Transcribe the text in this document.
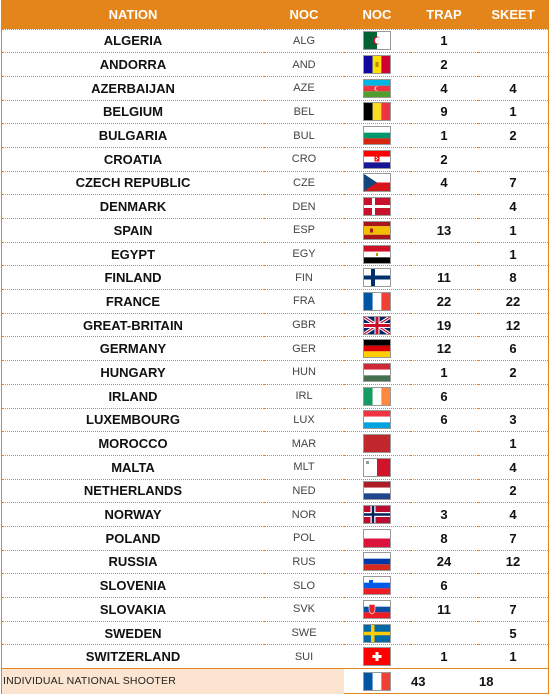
NATION	NOC	NOC	TRAP	SKEET
ALGERIA	ALG		1	
ANDORRA	AND		2	
AZERBAIJAN	AZE		4	4
BELGIUM	BEL		9	1
BULGARIA	BUL		1	2
CROATIA	CRO		2	
CZECH REPUBLIC	CZE		4	7
DENMARK	DEN			4
SPAIN	ESP		13	1
EGYPT	EGY			1
FINLAND	FIN		11	8
FRANCE	FRA		22	22
GREAT-BRITAIN	GBR		19	12
GERMANY	GER		12	6
HUNGARY	HUN		1	2
IRLAND	IRL		6	
LUXEMBOURG	LUX		6	3
MOROCCO	MAR			1
MALTA	MLT			4
NETHERLANDS	NED			2
NORWAY	NOR		3	4
POLAND	POL		8	7
RUSSIA	RUS		24	12
SLOVENIA	SLO		6	
SLOVAKIA	SVK		11	7
SWEDEN	SWE			5
SWITZERLAND	SUI		1	1
INDIVIDUAL NATIONAL SHOOTER			43	18
